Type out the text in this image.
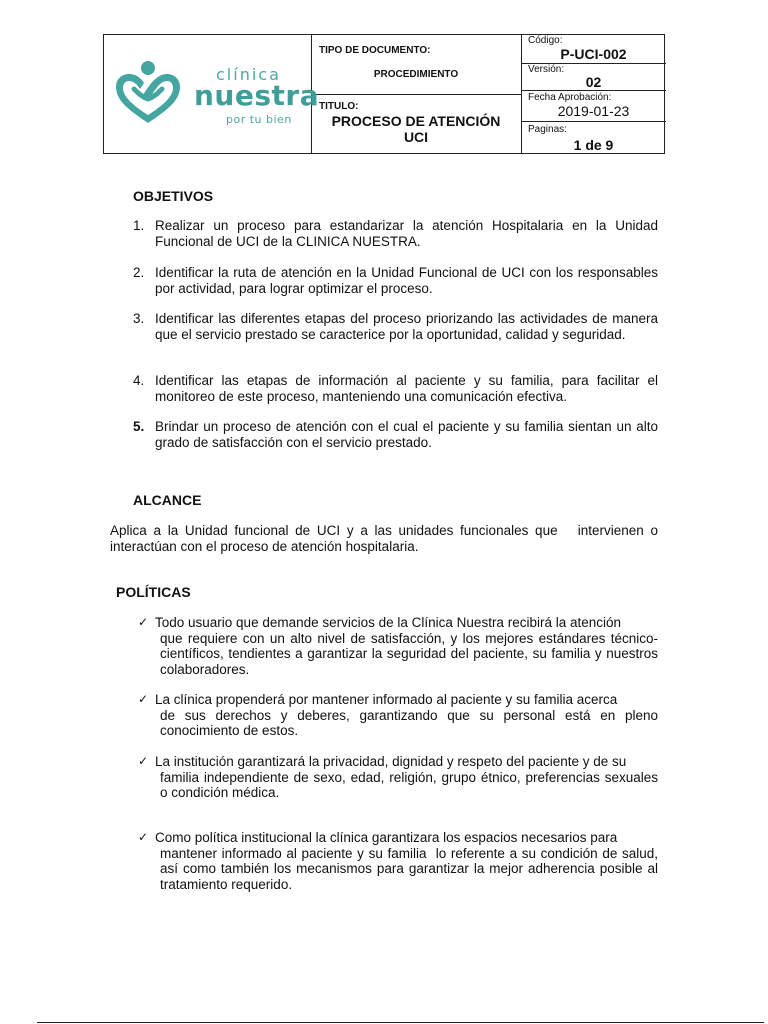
clínica
nuestra
por tu bien
TIPO DE DOCUMENTO:
PROCEDIMIENTO
TITULO:
PROCESO DE ATENCIÓN
UCI
Código:
P-UCI-002
Versión:
02
Fecha Aprobación:
2019-01-23
Paginas:
1 de 9
OBJETIVOS
1. Realizar un proceso para estandarizar la atención Hospitalaria en la Unidad Funcional de UCI de la CLINICA NUESTRA.
2. Identificar la ruta de atención en la Unidad Funcional de UCI con los responsables por actividad, para lograr optimizar el proceso.
3. Identificar las diferentes etapas del proceso priorizando las actividades de manera que el servicio prestado se caracterice por la oportunidad, calidad y seguridad.
4. Identificar las etapas de información al paciente y su familia, para facilitar el monitoreo de este proceso, manteniendo una comunicación efectiva.
5. Brindar un proceso de atención con el cual el paciente y su familia sientan un alto grado de satisfacción con el servicio prestado.
ALCANCE
Aplica a la Unidad funcional de UCI y a las unidades funcionales que   intervienen o interactúan con el proceso de atención hospitalaria.
POLÍTICAS
✓ Todo usuario que demande servicios de la Clínica Nuestra recibirá la atención
que requiere con un alto nivel de satisfacción, y los mejores estándares técnico-científicos, tendientes a garantizar la seguridad del paciente, su familia y nuestros colaboradores.
✓ La clínica propenderá por mantener informado al paciente y su familia acerca
de sus derechos y deberes, garantizando que su personal está en pleno conocimiento de estos.
✓ La institución garantizará la privacidad, dignidad y respeto del paciente y de su
familia independiente de sexo, edad, religión, grupo étnico, preferencias sexuales o condición médica.
✓ Como política institucional la clínica garantizara los espacios necesarios para
mantener informado al paciente y su familia  lo referente a su condición de salud, así como también los mecanismos para garantizar la mejor adherencia posible al tratamiento requerido.
